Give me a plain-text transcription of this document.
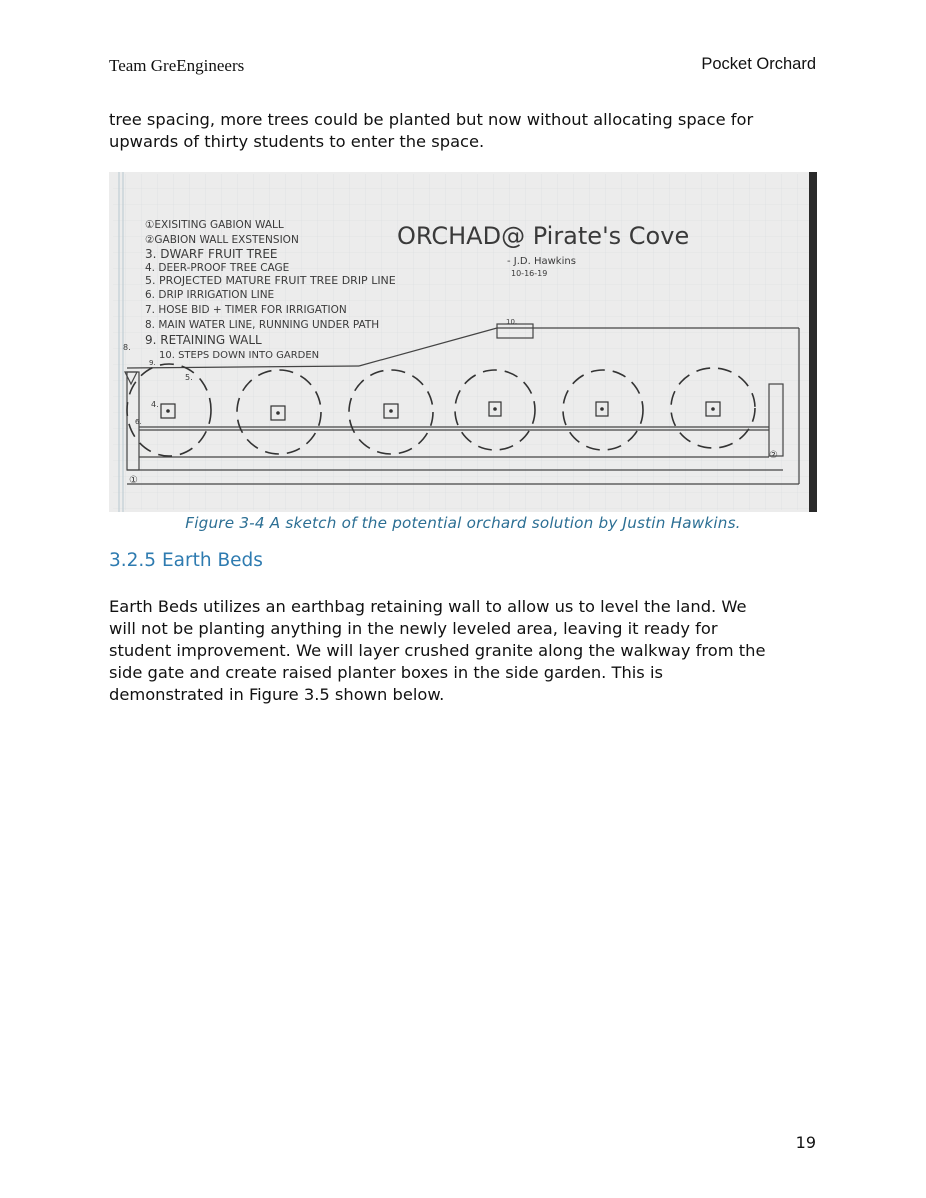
Team GreEngineers	Pocket Orchard
tree spacing, more trees could be planted but now without allocating space for
upwards of thirty students to enter the space.
①EXISITING GABION WALL
②GABION WALL EXSTENSION
3. DWARF FRUIT TREE
4. DEER-PROOF TREE CAGE
5. PROJECTED MATURE FRUIT TREE DRIP LINE
6. DRIP IRRIGATION LINE
7. HOSE BID + TIMER FOR IRRIGATION
8. MAIN WATER LINE, RUNNING UNDER PATH
9. RETAINING WALL
10. STEPS DOWN INTO GARDEN
ORCHAD@ Pirate's Cove
- J.D. Hawkins
10-16-19
①
②
4.
5.
6.
8.
9.
10.
Figure 3-4 A sketch of the potential orchard solution by Justin Hawkins.
3.2.5 Earth Beds
Earth Beds utilizes an earthbag retaining wall to allow us to level the land. We
will not be planting anything in the newly leveled area, leaving it ready for
student improvement. We will layer crushed granite along the walkway from the
side gate and create raised planter boxes in the side garden. This is
demonstrated in Figure 3.5 shown below.
19
